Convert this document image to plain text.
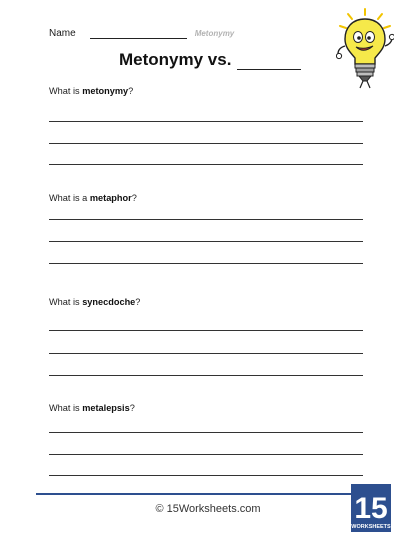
Name	Metonymy
Metonymy vs.
What is metonymy?
What is a metaphor?
What is synecdoche?
What is metalepsis?
© 15Worksheets.com	15
WORKSHEETS
